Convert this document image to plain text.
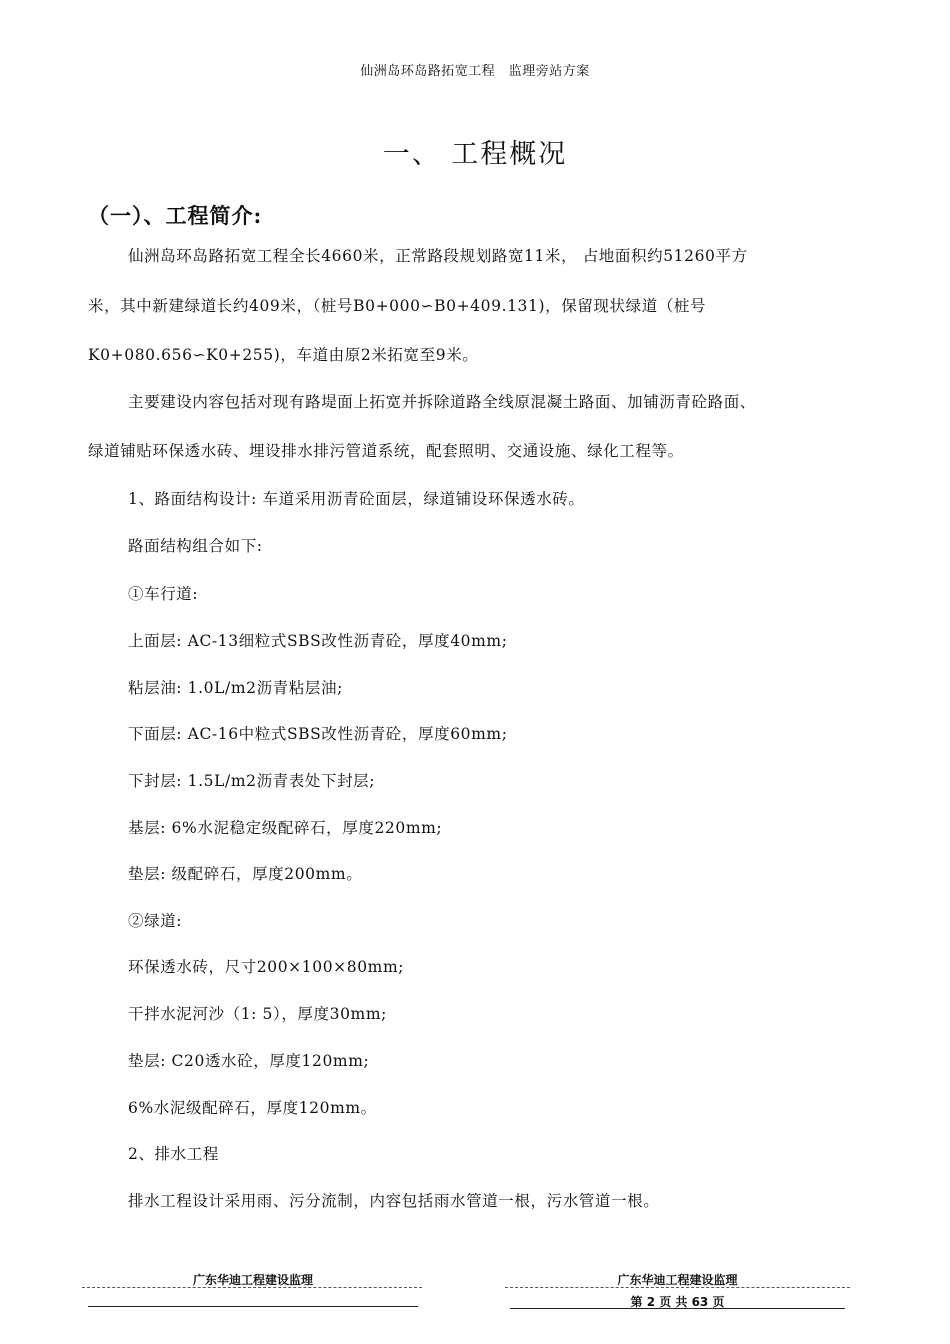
仙洲岛环岛路拓宽工程　监理旁站方案
一、 工程概况
（一）、工程简介:
仙洲岛环岛路拓宽工程全长4660米，正常路段规划路宽11米， 占地面积约51260平方
米，其中新建绿道长约409米，（桩号B0+000∽B0+409.131)，保留现状绿道（桩号
K0+080.656∽K0+255)，车道由原2米拓宽至9米。
主要建设内容包括对现有路堤面上拓宽并拆除道路全线原混凝土路面、加铺沥青砼路面、
绿道铺贴环保透水砖、埋设排水排污管道系统，配套照明、交通设施、绿化工程等。
1、路面结构设计: 车道采用沥青砼面层，绿道铺设环保透水砖。
路面结构组合如下:
①车行道:
上面层: AC-13细粒式SBS改性沥青砼，厚度40mm;
粘层油: 1.0L/m2沥青粘层油;
下面层: AC-16中粒式SBS改性沥青砼，厚度60mm;
下封层: 1.5L/m2沥青表处下封层;
基层: 6%水泥稳定级配碎石，厚度220mm;
垫层: 级配碎石，厚度200mm。
②绿道:
环保透水砖，尺寸200×100×80mm;
干拌水泥河沙（1: 5），厚度30mm;
垫层: C20透水砼，厚度120mm;
6%水泥级配碎石，厚度120mm。
2、排水工程
排水工程设计采用雨、污分流制，内容包括雨水管道一根，污水管道一根。
广东华迪工程建设监理	广东华迪工程建设监理
第 2 页 共 63 页
